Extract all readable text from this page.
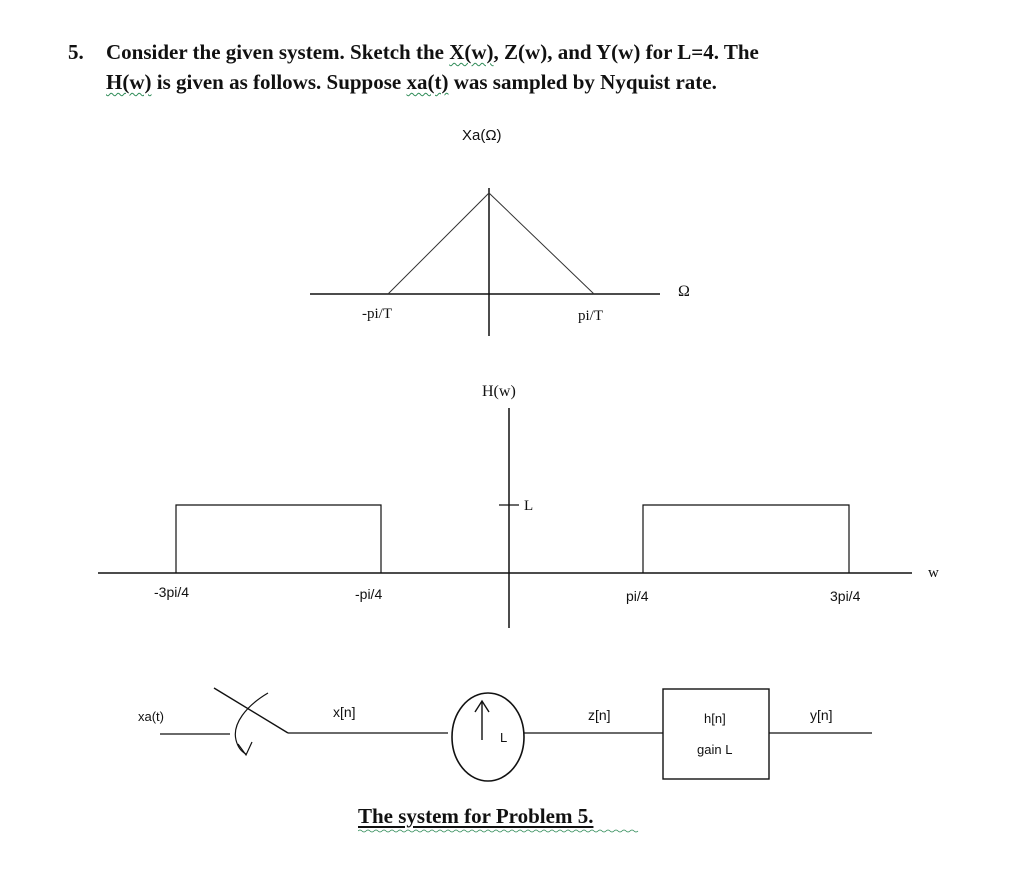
5. Consider the given system. Sketch the X(w), Z(w), and Y(w) for L=4. The
H(w) is given as follows. Suppose xa(t) was sampled by Nyquist rate.
Xa(Ω)
Ω
-pi/T	pi/T
H(w)
L
w
-3pi/4	-pi/4	pi/4	3pi/4
xa(t)	x[n]
L
z[n]	h[n]
gain L
y[n]
The system for Problem 5.
